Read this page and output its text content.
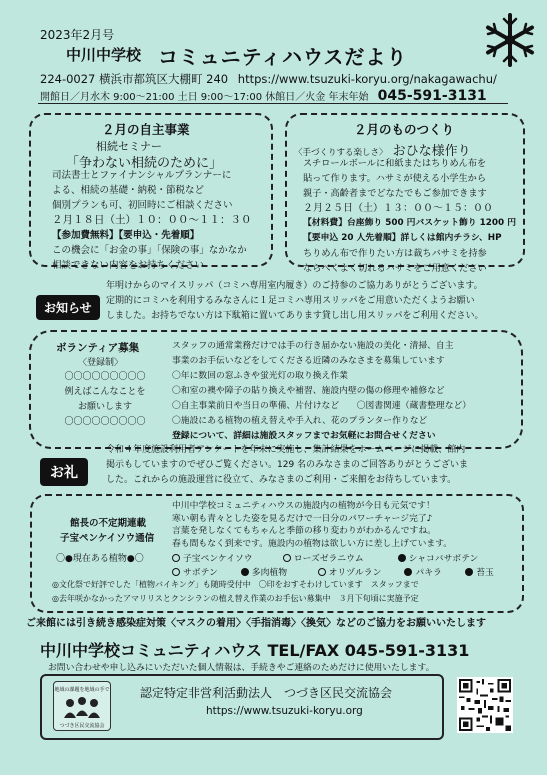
2023年2月号
中川中学校 コミュニティハウスだより
224-0027 横浜市都筑区大棚町 240 https://www.tsuzuki-koryu.org/nakagawachu/
開館日／月水木 9:00～21:00 土日 9:00～17:00 休館日／火金 年末年始 045-591-3131
２月の自主事業
相続セミナー
「争わない相続のために」
司法書士とファイナンシャルプランナーに
よる、相続の基礎・納税・節税など
個別プランも可、初回時にご相談ください
２月１８日（土）１０：００～１１：３０
【参加費無料】【要申込・先着順】
この機会に「お金の事」「保険の事」なかなか
相談できない内容をお持ちください
２月のものつくり
〈手づくりする楽しさ〉 おひな様作り
スチロールボールに和紙またはちりめん布を
貼って作ります。ハサミが使える小学生から
親子・高齢者までどなたでもご参加できます
２月２５日（土）１３：００～１５：００
【材料費】台座飾り 500 円バスケット飾り 1200 円
【要申込 20 人先着順】詳しくは館内チラシ、HP
ちりめん布で作りたい方は裁ちバサミを持参
ならべくよく切れるハサミをご用意ください
お知らせ
年明けからのマイスリッパ（コミハ専用室内履き）のご持参のご協力ありがとうございます。
定期的にコミハを利用するみなさんに１足コミハ専用スリッパをご用意いただくようお願い
しました。お持ちでない方は下駄箱に置いてあります貸し出し用スリッパをご利用ください。
ボランティア募集
〈登録制〉
〇〇〇〇〇〇〇〇〇
例えばこんなことを
お願いします
〇〇〇〇〇〇〇〇〇
スタッフの通常業務だけでは手の行き届かない施設の美化・清掃、自主
事業のお手伝いなどをしてくださる近隣のみなさまを募集しています
〇年に数回の窓ふきや蛍光灯の取り換え作業
〇和室の襖や障子の貼り換えや補習、施設内壁の傷の修理や補修など
〇自主事業前日や当日の準備、片付けなど　　〇図書関連（蔵書整理など）
〇施設にある植物の植え替えや手入れ、花のプランター作りなど
登録について、詳細は施設スタッフまでお気軽にお問合せください
お礼
令和４年度施設利用者アンケートを年末に実施し、集計結果をホームページに掲載、館内
掲示もしていますのでぜひご覧ください。129 名のみなさまのご回答ありがとうございま
した。これからの施設運営に役立て、みなさまのご利用・ご来館をお待ちしています。
館長の不定期連載
子宝ペンケイソウ通信
〇●現在ある植物●〇
中川中学校コミュニティハウスの施設内の植物が今日も元気です！
寒い朝も青々とした姿を見るだけで一日分のパワーチャージ完了♪
言葉を発しなくてもちゃんと季節の移り変わりがわかるんですね。
春も間もなく到来です。施設内の植物は欲しい方に差し上げています。
子宝ペンケイソウ	ローズゼラニウム	シャコバサボテン
サボテン	多肉植物	オリヅルラン	パキラ	苔玉
◎文化祭で好評でした「植物バイキング」も随時受付中　〇印をおすそわけしています　スタッフまで
◎去年咲かなかったアマリリスとクンシランの植え替え作業のお手伝い募集中　３月下旬頃に実施予定
ご来館には引き続き感染症対策〈マスクの着用〉〈手指消毒〉〈換気〉などのご協力をお願いいたします
中川中学校コミュニティハウス TEL/FAX 045-591-3131
お問い合わせや申し込みにいただいた個人情報は、手続きやご連絡のためだけに使用いたします。
地域の課題を地域の手で
つづき区民交流協会
認定特定非営利活動法人　つづき区民交流協会
https://www.tsuzuki-koryu.org
